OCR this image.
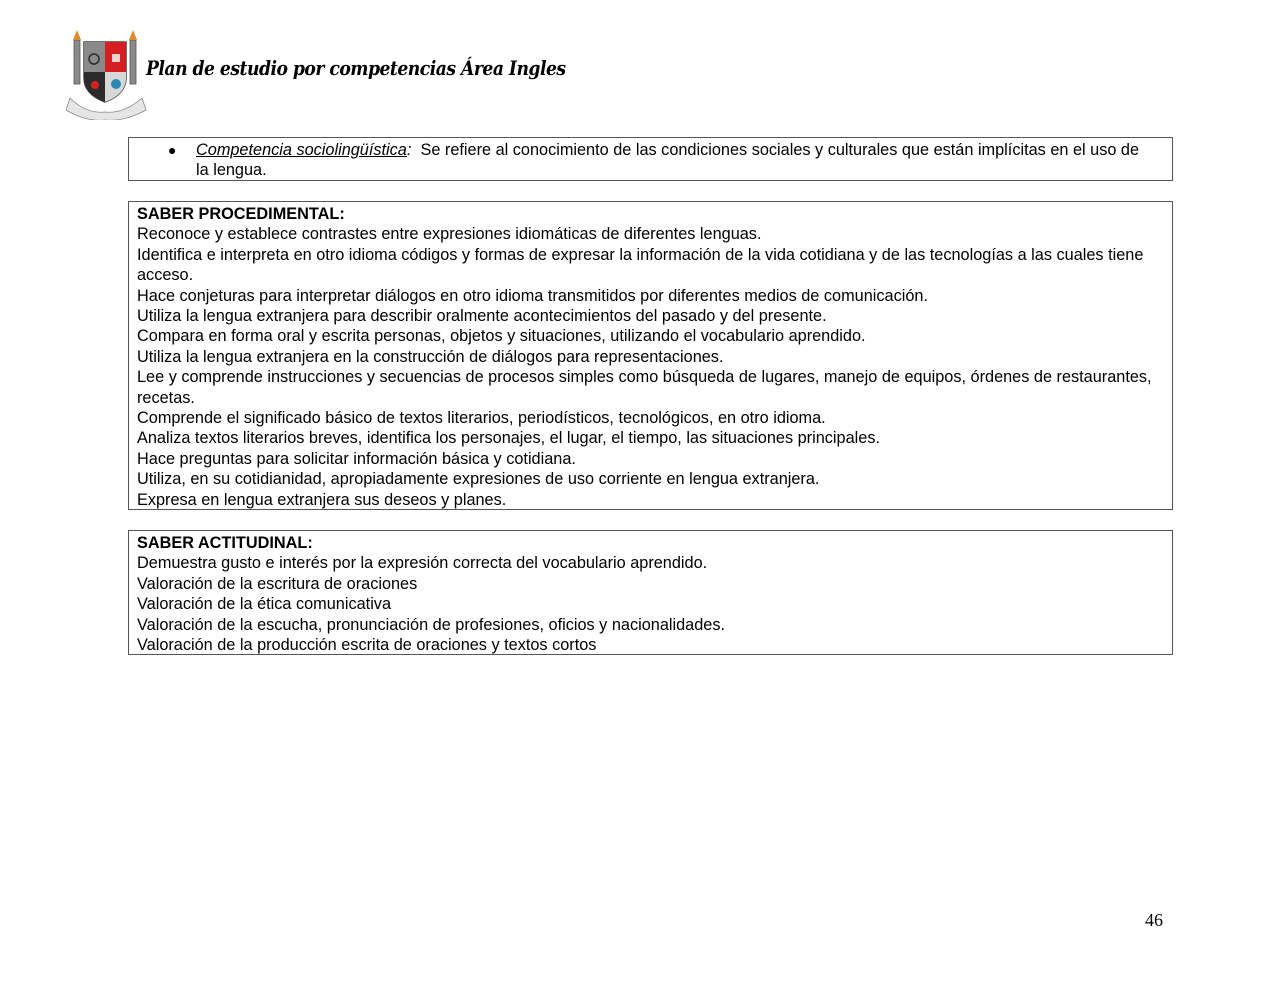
Plan de estudio por competencias Área Ingles
● Competencia sociolingüística:  Se refiere al conocimiento de las condiciones sociales y culturales que están implícitas en el uso de la lengua.
SABER PROCEDIMENTAL:
Reconoce y establece contrastes entre expresiones idiomáticas de diferentes lenguas.
Identifica e interpreta en otro idioma códigos y formas de expresar la información de la vida cotidiana y de las tecnologías a las cuales tiene acceso.
Hace conjeturas para interpretar diálogos en otro idioma transmitidos por diferentes medios de comunicación.
Utiliza la lengua extranjera para describir oralmente acontecimientos del pasado y del presente.
Compara en forma oral y escrita personas, objetos y situaciones, utilizando el vocabulario aprendido.
Utiliza la lengua extranjera en la construcción de diálogos para representaciones.
Lee y comprende instrucciones y secuencias de procesos simples como búsqueda de lugares, manejo de equipos, órdenes de restaurantes, recetas.
Comprende el significado básico de textos literarios, periodísticos, tecnológicos, en otro idioma.
Analiza textos literarios breves, identifica los personajes, el lugar, el tiempo, las situaciones principales.
Hace preguntas para solicitar información básica y cotidiana.
Utiliza, en su cotidianidad, apropiadamente expresiones de uso corriente en lengua extranjera.
Expresa en lengua extranjera sus deseos y planes.
SABER ACTITUDINAL:
Demuestra gusto e interés por la expresión correcta del vocabulario aprendido.
Valoración de la escritura de oraciones
Valoración de la ética comunicativa
Valoración de la escucha, pronunciación de profesiones, oficios y nacionalidades.
Valoración de la producción escrita de oraciones y textos cortos
46
